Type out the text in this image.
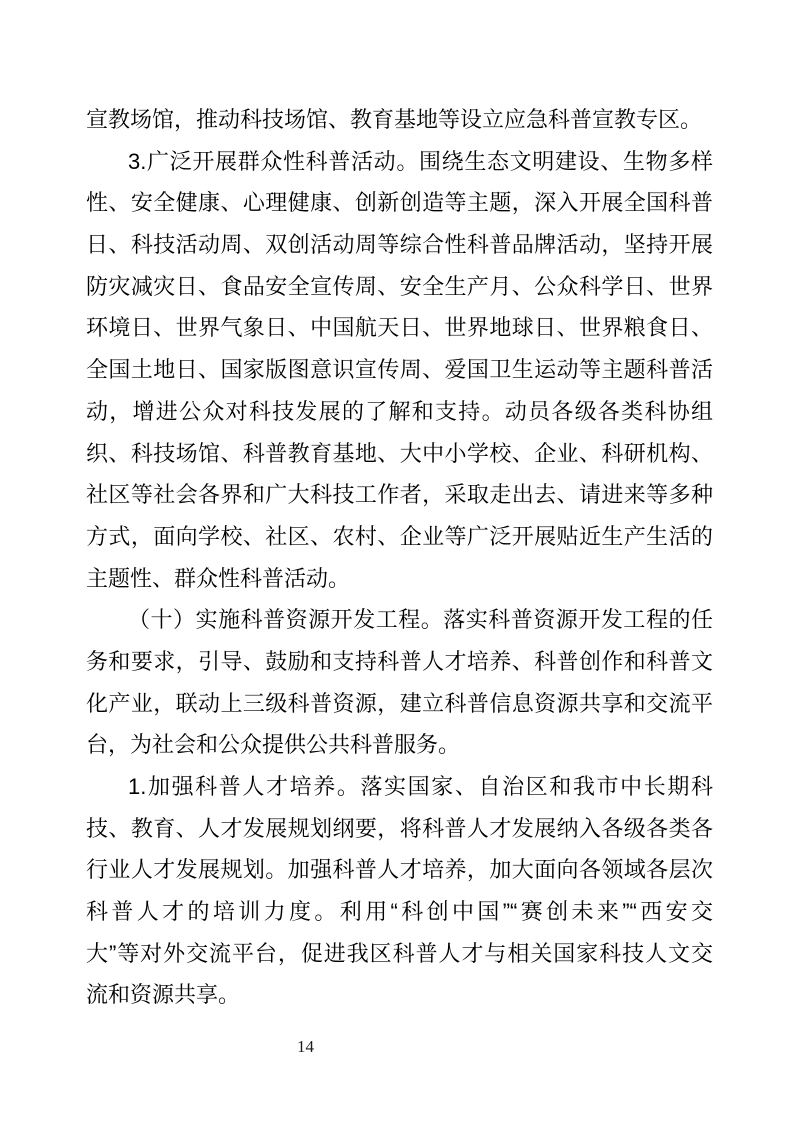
宣教场馆，推动科技场馆、教育基地等设立应急科普宣教专区。
3.广泛开展群众性科普活动。围绕生态文明建设、生物多样
性、安全健康、心理健康、创新创造等主题，深入开展全国科普
日、科技活动周、双创活动周等综合性科普品牌活动，坚持开展
防灾减灾日、食品安全宣传周、安全生产月、公众科学日、世界
环境日、世界气象日、中国航天日、世界地球日、世界粮食日、
全国土地日、国家版图意识宣传周、爱国卫生运动等主题科普活
动，增进公众对科技发展的了解和支持。动员各级各类科协组
织、科技场馆、科普教育基地、大中小学校、企业、科研机构、
社区等社会各界和广大科技工作者，采取走出去、请进来等多种
方式，面向学校、社区、农村、企业等广泛开展贴近生产生活的
主题性、群众性科普活动。
（十）实施科普资源开发工程。落实科普资源开发工程的任
务和要求，引导、鼓励和支持科普人才培养、科普创作和科普文
化产业，联动上三级科普资源，建立科普信息资源共享和交流平
台，为社会和公众提供公共科普服务。
1.加强科普人才培养。落实国家、自治区和我市中长期科
技、教育、人才发展规划纲要，将科普人才发展纳入各级各类各
行业人才发展规划。加强科普人才培养，加大面向各领域各层次
科普人才的培训力度。利用“科创中国”“赛创未来”“西安交
大”等对外交流平台，促进我区科普人才与相关国家科技人文交
流和资源共享。
14
